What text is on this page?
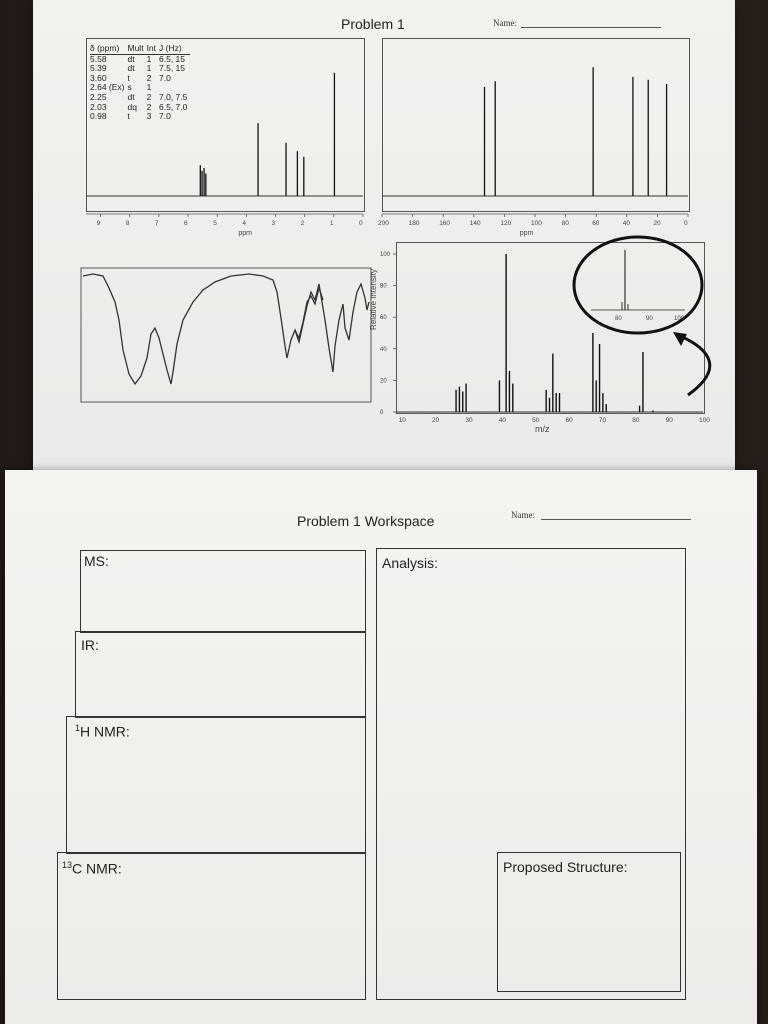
Problem 1	Name:
δ (ppm)	Mult	Int	J (Hz)
5.58	dt	1	6.5, 15
5.39	dt	1	7.5, 15
3.60	t	2	7.0
2.64 (Ex)	s	1	
2.25	dt	2	7.0, 7.5
2.03	dq	2	6.5, 7.0
0.98	t	3	7.0
9	8	7	6	5	4	3	2	1	0
ppm
200	180	160	140	120	100	80	60	40	20	0
ppm
10	20	30	40	50	60	70	80	90	100
0
20
40
60
80
100
Relative Intensity
m/z
80	90	100
Problem 1 Workspace	Name:
MS:
IR:
$^1$H NMR:
$^{13}$C NMR:
Analysis:
Proposed Structure:
